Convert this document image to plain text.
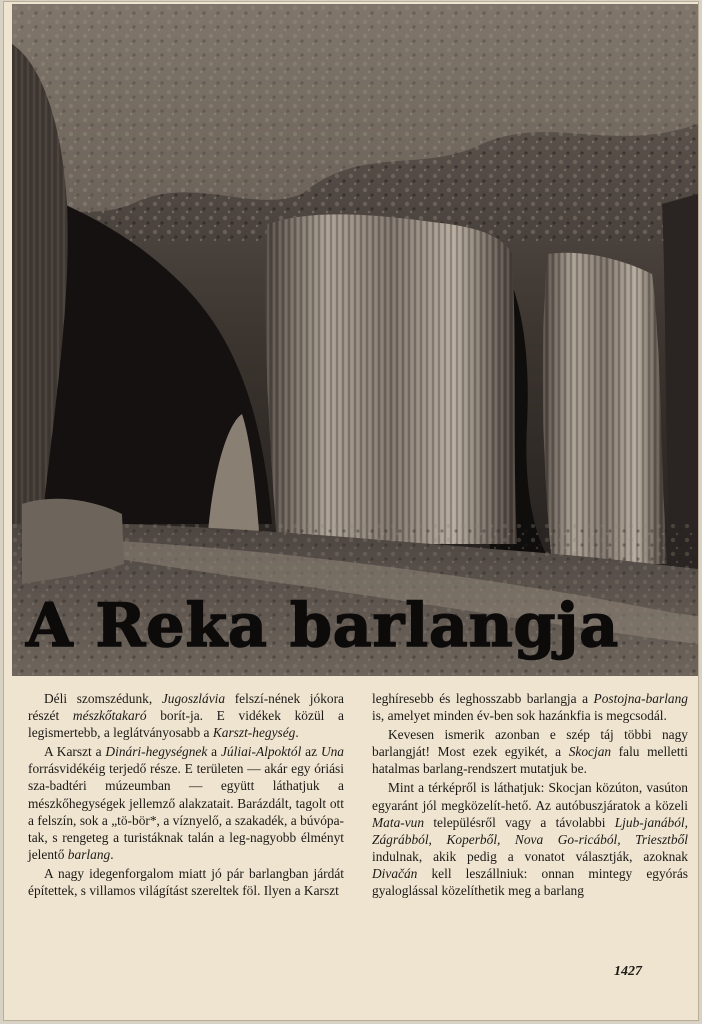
A Reka barlangja

Déli szomszédunk, Jugoszlávia felszí-nének jókora részét mészkőtakaró borít-ja. E vidékek közül a legismertebb, a leglátványosabb a Karszt-hegység.

A Karszt a Dinári-hegységnek a Júliai-Alpoktól az Una forrásvidékéig terjedő része. E területen — akár egy óriási sza-badtéri múzeumban — együtt láthatjuk a mészkőhegységek jellemző alakzatait. Barázdált, tagolt ott a felszín, sok a „tö-bör*, a víznyelő, a szakadék, a búvópa-tak, s rengeteg a turistáknak talán a leg-nagyobb élményt jelentő barlang.

A nagy idegenforgalom miatt jó pár barlangban járdát építettek, s villamos világítást szereltek föl. Ilyen a Karszt

leghíresebb és leghosszabb barlangja a Postojna-barlang is, amelyet minden év-ben sok hazánkfia is megcsodál.

Kevesen ismerik azonban e szép táj többi nagy barlangját! Most ezek egyikét, a Skocjan falu melletti hatalmas barlang-rendszert mutatjuk be.

Mint a térképről is láthatjuk: Skocjan közúton, vasúton egyaránt jól megközelít-hető. Az autóbuszjáratok a közeli Mata-vun településről vagy a távolabbi Ljub-janából, Zágrábból, Koperből, Nova Go-ricából, Triesztből indulnak, akik pedig a vonatot választják, azoknak Divačán kell leszállniuk: onnan mintegy egyórás gyaloglással közelíthetik meg a barlang

1427
